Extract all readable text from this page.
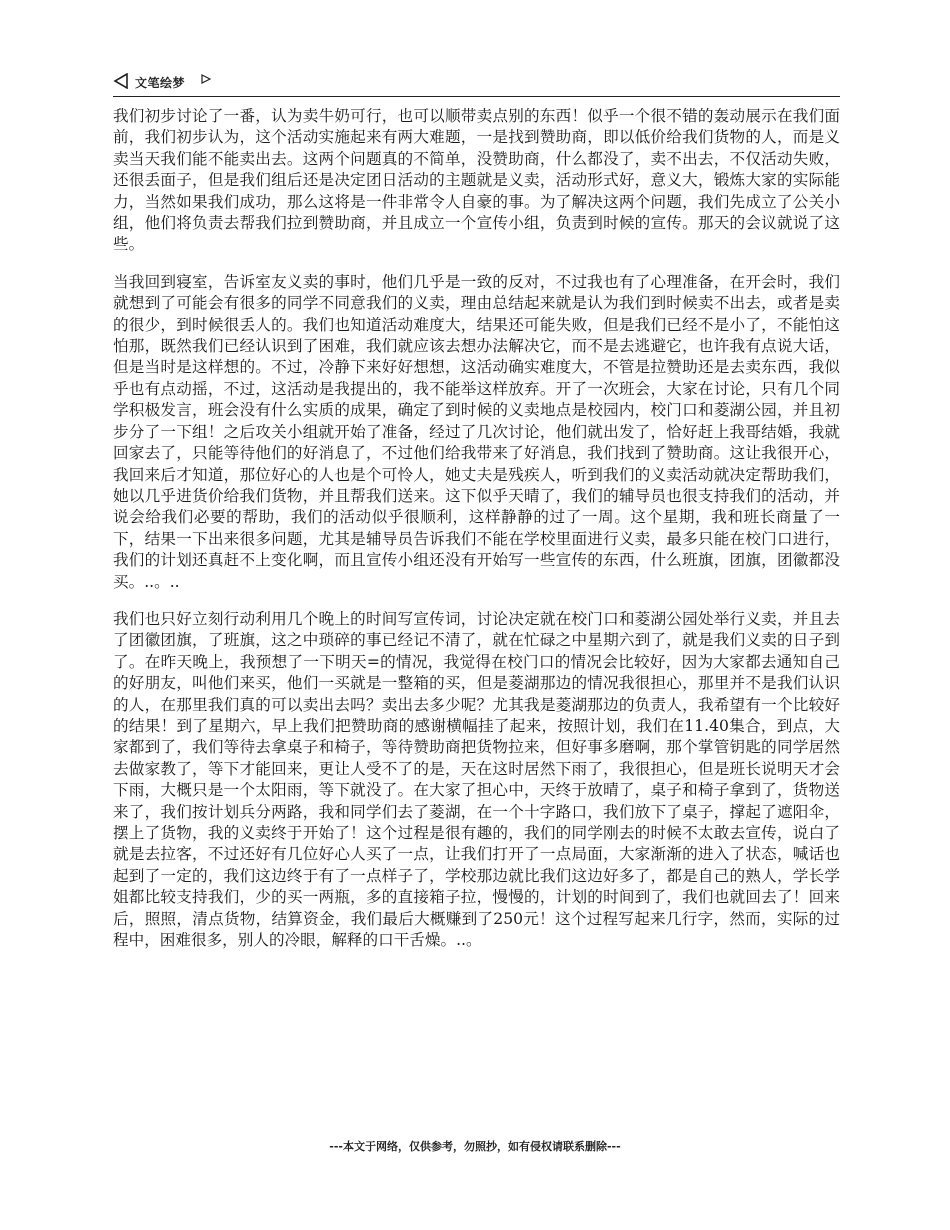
文笔绘梦

我们初步讨论了一番，认为卖牛奶可行，也可以顺带卖点别的东西！似乎一个很不错的轰动展示在我们面前，我们初步认为，这个活动实施起来有两大难题，一是找到赞助商，即以低价给我们货物的人，而是义卖当天我们能不能卖出去。这两个问题真的不简单，没赞助商，什么都没了，卖不出去，不仅活动失败，还很丢面子，但是我们组后还是决定团日活动的主题就是义卖，活动形式好，意义大，锻炼大家的实际能力，当然如果我们成功，那么这将是一件非常令人自豪的事。为了解决这两个问题，我们先成立了公关小组，他们将负责去帮我们拉到赞助商，并且成立一个宣传小组，负责到时候的宣传。那天的会议就说了这些。

当我回到寝室，告诉室友义卖的事时，他们几乎是一致的反对，不过我也有了心理准备，在开会时，我们就想到了可能会有很多的同学不同意我们的义卖，理由总结起来就是认为我们到时候卖不出去，或者是卖的很少，到时候很丢人的。我们也知道活动难度大，结果还可能失败，但是我们已经不是小了，不能怕这怕那，既然我们已经认识到了困难，我们就应该去想办法解决它，而不是去逃避它，也许我有点说大话，但是当时是这样想的。不过，冷静下来好好想想，这活动确实难度大，不管是拉赞助还是去卖东西，我似乎也有点动摇，不过，这活动是我提出的，我不能举这样放弃。开了一次班会，大家在讨论，只有几个同学积极发言，班会没有什么实质的成果，确定了到时候的义卖地点是校园内，校门口和菱湖公园，并且初步分了一下组！之后攻关小组就开始了准备，经过了几次讨论，他们就出发了，恰好赶上我哥结婚，我就回家去了，只能等待他们的好消息了，不过他们给我带来了好消息，我们找到了赞助商。这让我很开心，我回来后才知道，那位好心的人也是个可怜人，她丈夫是残疾人，听到我们的义卖活动就决定帮助我们，她以几乎进货价给我们货物，并且帮我们送来。这下似乎天晴了，我们的辅导员也很支持我们的活动，并说会给我们必要的帮助，我们的活动似乎很顺利，这样静静的过了一周。这个星期，我和班长商量了一下，结果一下出来很多问题，尤其是辅导员告诉我们不能在学校里面进行义卖，最多只能在校门口进行，我们的计划还真赶不上变化啊，而且宣传小组还没有开始写一些宣传的东西，什么班旗，团旗，团徽都没买。..。..

我们也只好立刻行动利用几个晚上的时间写宣传词，讨论决定就在校门口和菱湖公园处举行义卖，并且去了团徽团旗，了班旗，这之中琐碎的事已经记不清了，就在忙碌之中星期六到了，就是我们义卖的日子到了。在昨天晚上，我预想了一下明天=的情况，我觉得在校门口的情况会比较好，因为大家都去通知自己的好朋友，叫他们来买，他们一买就是一整箱的买，但是菱湖那边的情况我很担心，那里并不是我们认识的人，在那里我们真的可以卖出去吗？卖出去多少呢？尤其我是菱湖那边的负责人，我希望有一个比较好的结果！到了星期六，早上我们把赞助商的感谢横幅挂了起来，按照计划，我们在11.40集合，到点，大家都到了，我们等待去拿桌子和椅子，等待赞助商把货物拉来，但好事多磨啊，那个掌管钥匙的同学居然去做家教了，等下才能回来，更让人受不了的是，天在这时居然下雨了，我很担心，但是班长说明天才会下雨，大概只是一个太阳雨，等下就没了。在大家了担心中，天终于放晴了，桌子和椅子拿到了，货物送来了，我们按计划兵分两路，我和同学们去了菱湖，在一个十字路口，我们放下了桌子，撑起了遮阳伞，摆上了货物，我的义卖终于开始了！这个过程是很有趣的，我们的同学刚去的时候不太敢去宣传，说白了就是去拉客，不过还好有几位好心人买了一点，让我们打开了一点局面，大家渐渐的进入了状态，喊话也起到了一定的，我们这边终于有了一点样子了，学校那边就比我们这边好多了，都是自己的熟人，学长学姐都比较支持我们，少的买一两瓶，多的直接箱子拉，慢慢的，计划的时间到了，我们也就回去了！回来后，照照，清点货物，结算资金，我们最后大概赚到了250元！这个过程写起来几行字，然而，实际的过程中，困难很多，别人的冷眼，解释的口干舌燥。..。

---本文于网络，仅供参考，勿照抄，如有侵权请联系删除---
